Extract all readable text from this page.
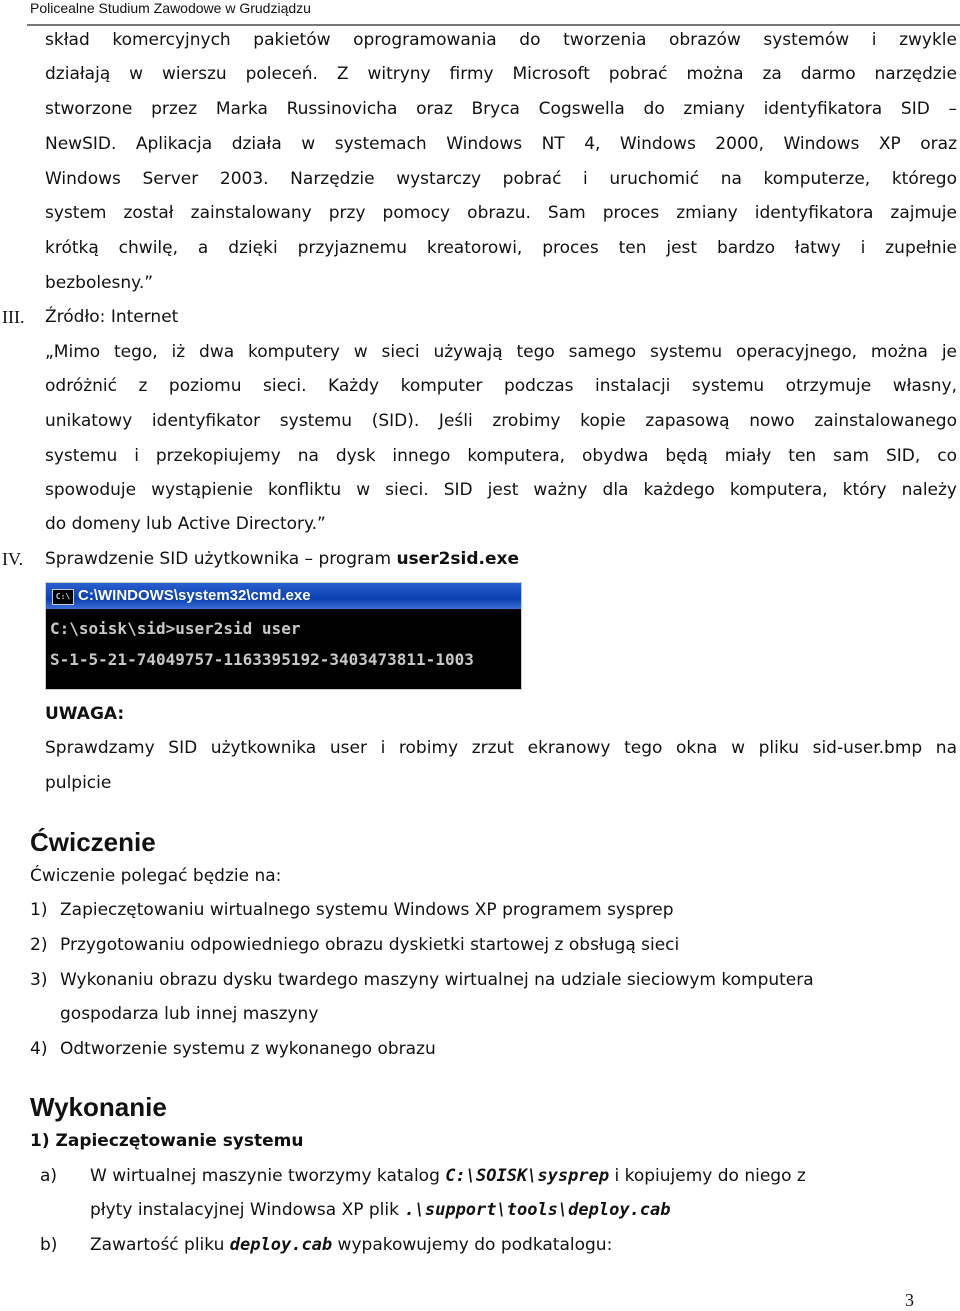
Policealne Studium Zawodowe w Grudziądzu
skład komercyjnych pakietów oprogramowania do tworzenia obrazów systemów i zwykle
działają w wierszu poleceń. Z witryny firmy Microsoft pobrać można za darmo narzędzie
stworzone przez Marka Russinovicha oraz Bryca Cogswella do zmiany identyfikatora SID –
NewSID. Aplikacja działa w systemach Windows NT 4, Windows 2000, Windows XP oraz
Windows Server 2003. Narzędzie wystarczy pobrać i uruchomić na komputerze, którego
system został zainstalowany przy pomocy obrazu. Sam proces zmiany identyfikatora zajmuje
krótką chwilę, a dzięki przyjaznemu kreatorowi, proces ten jest bardzo łatwy i zupełnie
bezbolesny.”
III. Źródło: Internet
„Mimo tego, iż dwa komputery w sieci używają tego samego systemu operacyjnego, można je
odróżnić z poziomu sieci. Każdy komputer podczas instalacji systemu otrzymuje własny,
unikatowy identyfikator systemu (SID). Jeśli zrobimy kopie zapasową nowo zainstalowanego
systemu i przekopiujemy na dysk innego komputera, obydwa będą miały ten sam SID, co
spowoduje wystąpienie konfliktu w sieci. SID jest ważny dla każdego komputera, który należy
do domeny lub Active Directory.”
IV. Sprawdzenie SID użytkownika – program user2sid.exe
C:\ C:\WINDOWS\system32\cmd.exe
C:\soisk\sid>user2sid user
S-1-5-21-74049757-1163395192-3403473811-1003
UWAGA:
Sprawdzamy SID użytkownika user i robimy zrzut ekranowy tego okna w pliku sid-user.bmp na
pulpicie
Ćwiczenie
Ćwiczenie polegać będzie na:
1) Zapieczętowaniu wirtualnego systemu Windows XP programem sysprep
2) Przygotowaniu odpowiedniego obrazu dyskietki startowej z obsługą sieci
3) Wykonaniu obrazu dysku twardego maszyny wirtualnej na udziale sieciowym komputera
gospodarza lub innej maszyny
4) Odtworzenie systemu z wykonanego obrazu
Wykonanie
1) Zapieczętowanie systemu
a) W wirtualnej maszynie tworzymy katalog C:\SOISK\sysprep i kopiujemy do niego z
płyty instalacyjnej Windowsa XP plik .\support\tools\deploy.cab
b) Zawartość pliku deploy.cab wypakowujemy do podkatalogu:
3
